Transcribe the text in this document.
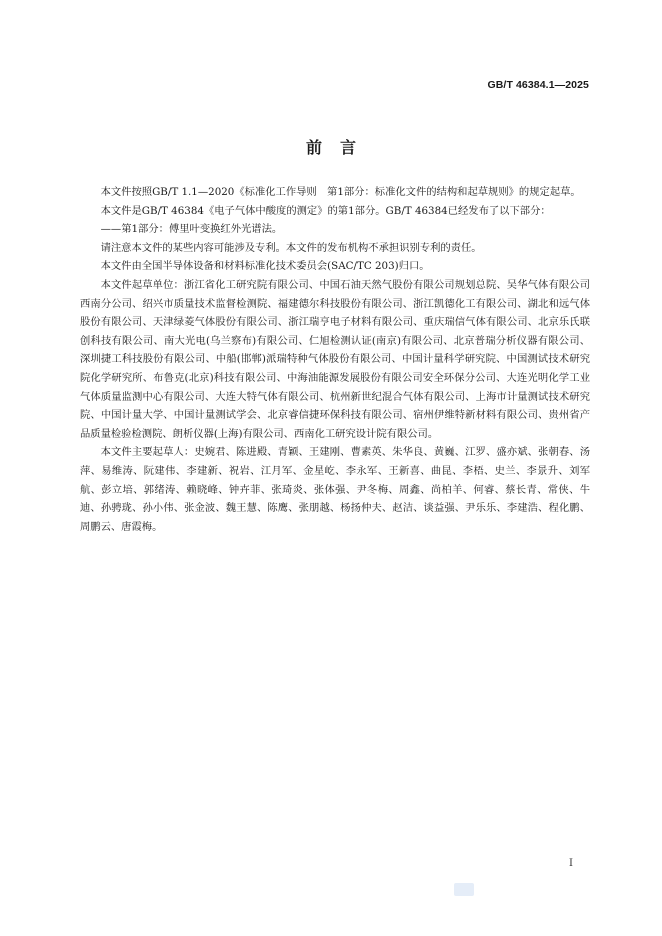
GB/T 46384.1—2025
前言

本文件按照GB/T 1.1—2020《标准化工作导则　第1部分：标准化文件的结构和起草规则》的规定起草。

本文件是GB/T 46384《电子气体中酸度的测定》的第1部分。GB/T 46384已经发布了以下部分：

——第1部分：傅里叶变换红外光谱法。

请注意本文件的某些内容可能涉及专利。本文件的发布机构不承担识别专利的责任。

本文件由全国半导体设备和材料标准化技术委员会(SAC/TC 203)归口。

本文件起草单位：浙江省化工研究院有限公司、中国石油天然气股份有限公司规划总院、吴华气体有限公司西南分公司、绍兴市质量技术监督检测院、福建德尔科技股份有限公司、浙江凯德化工有限公司、湖北和远气体股份有限公司、天津绿菱气体股份有限公司、浙江瑞亨电子材料有限公司、重庆瑞信气体有限公司、北京乐氏联创科技有限公司、南大光电(乌兰察布)有限公司、仁旭检测认证(南京)有限公司、北京普瑞分析仪器有限公司、深圳捷工科技股份有限公司、中船(邯郸)派瑞特种气体股份有限公司、中国计量科学研究院、中国测试技术研究院化学研究所、布鲁克(北京)科技有限公司、中海油能源发展股份有限公司安全环保分公司、大连光明化学工业气体质量监测中心有限公司、大连大特气体有限公司、杭州新世纪混合气体有限公司、上海市计量测试技术研究院、中国计量大学、中国计量测试学会、北京睿信捷环保科技有限公司、宿州伊维特新材料有限公司、贵州省产品质量检验检测院、朗析仪器(上海)有限公司、西南化工研究设计院有限公司。

本文件主要起草人：史婉君、陈进殿、青颖、王建刚、曹素英、朱华良、黄巍、江罗、盛亦斌、张朝春、汤萍、易维涛、阮建伟、李建新、祝岩、江月军、金星屹、李永军、王新喜、曲昆、李梧、史兰、李景升、刘军航、彭立培、郭绪涛、赖晓峰、钟卉菲、张琦炎、张体强、尹冬梅、周鑫、尚柏羊、何睿、蔡长青、常侠、牛迪、孙骋珑、孙小伟、张金波、魏王慧、陈鹰、张朋越、杨扬仲夫、赵洁、谈益强、尹乐乐、李建浩、程化鹏、周鹏云、唐霞梅。

I
